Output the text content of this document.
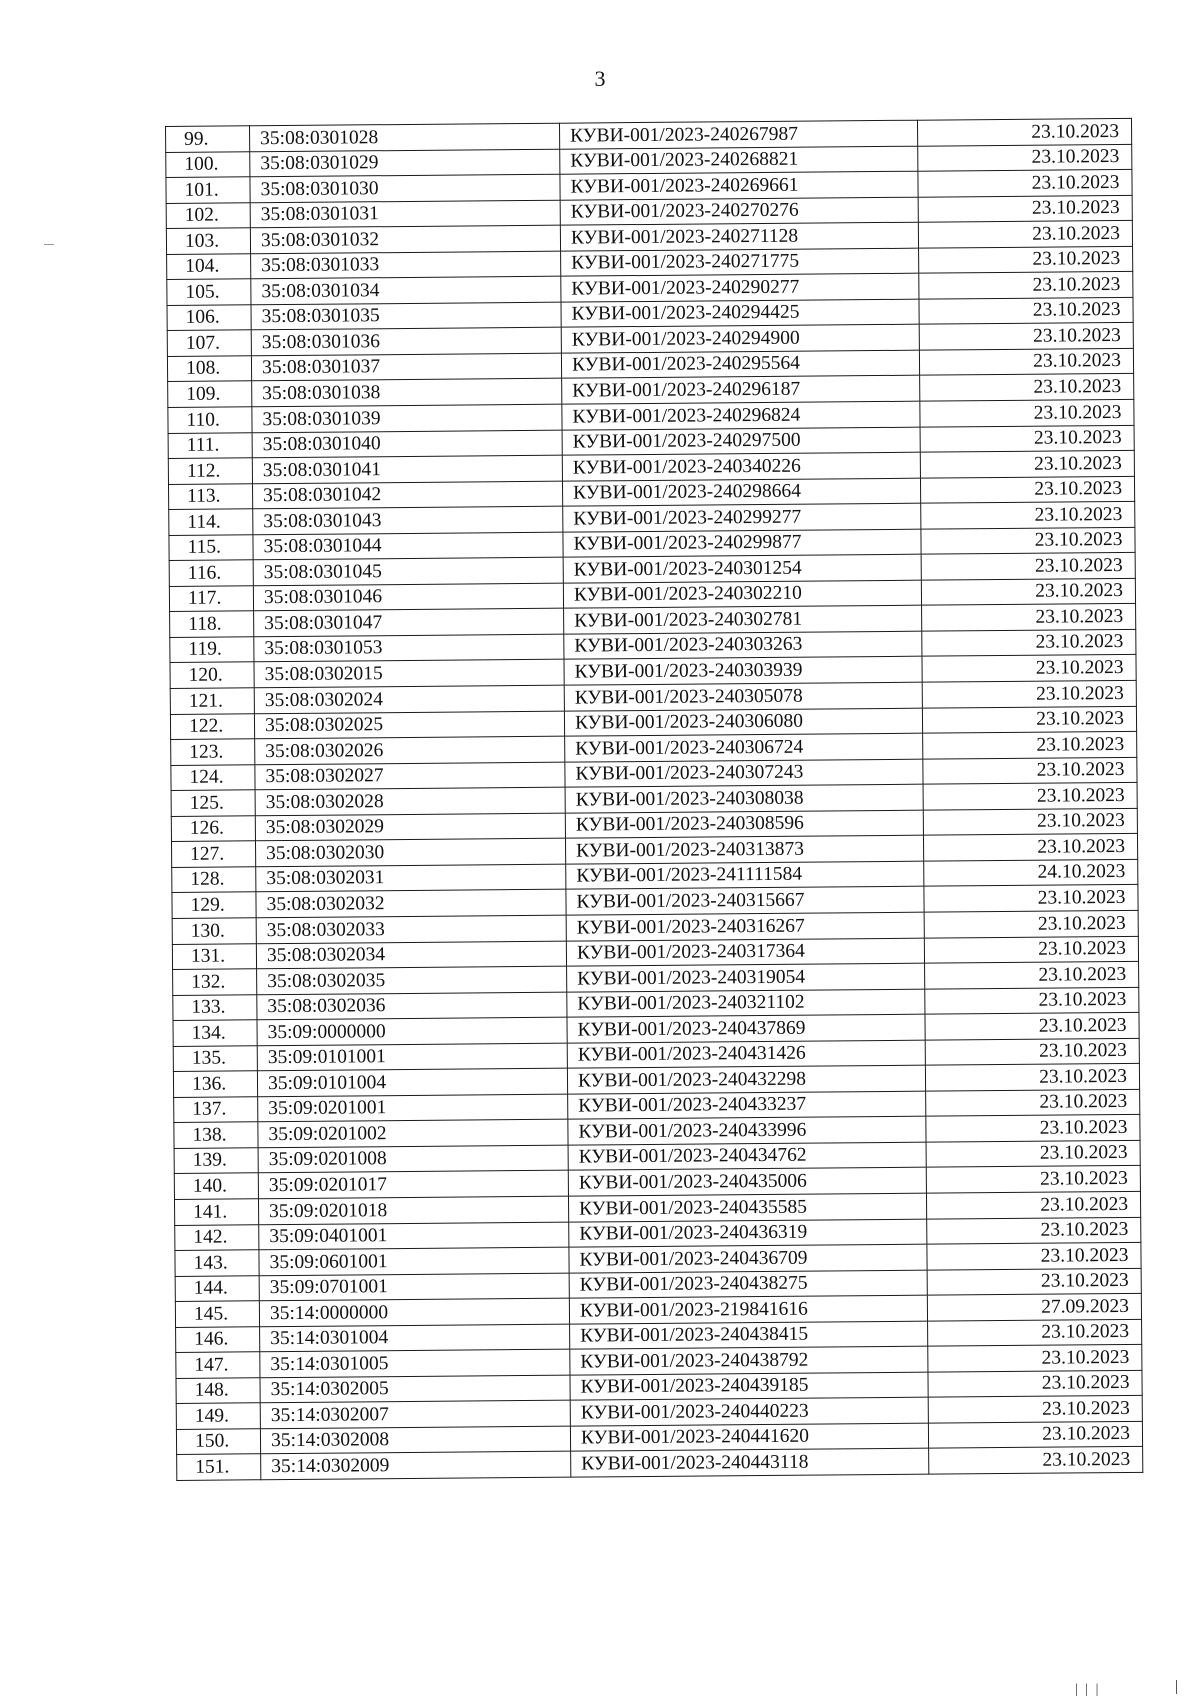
3
99.	35:08:0301028	КУВИ-001/2023-240267987	23.10.2023
100.	35:08:0301029	КУВИ-001/2023-240268821	23.10.2023
101.	35:08:0301030	КУВИ-001/2023-240269661	23.10.2023
102.	35:08:0301031	КУВИ-001/2023-240270276	23.10.2023
103.	35:08:0301032	КУВИ-001/2023-240271128	23.10.2023
104.	35:08:0301033	КУВИ-001/2023-240271775	23.10.2023
105.	35:08:0301034	КУВИ-001/2023-240290277	23.10.2023
106.	35:08:0301035	КУВИ-001/2023-240294425	23.10.2023
107.	35:08:0301036	КУВИ-001/2023-240294900	23.10.2023
108.	35:08:0301037	КУВИ-001/2023-240295564	23.10.2023
109.	35:08:0301038	КУВИ-001/2023-240296187	23.10.2023
110.	35:08:0301039	КУВИ-001/2023-240296824	23.10.2023
111.	35:08:0301040	КУВИ-001/2023-240297500	23.10.2023
112.	35:08:0301041	КУВИ-001/2023-240340226	23.10.2023
113.	35:08:0301042	КУВИ-001/2023-240298664	23.10.2023
114.	35:08:0301043	КУВИ-001/2023-240299277	23.10.2023
115.	35:08:0301044	КУВИ-001/2023-240299877	23.10.2023
116.	35:08:0301045	КУВИ-001/2023-240301254	23.10.2023
117.	35:08:0301046	КУВИ-001/2023-240302210	23.10.2023
118.	35:08:0301047	КУВИ-001/2023-240302781	23.10.2023
119.	35:08:0301053	КУВИ-001/2023-240303263	23.10.2023
120.	35:08:0302015	КУВИ-001/2023-240303939	23.10.2023
121.	35:08:0302024	КУВИ-001/2023-240305078	23.10.2023
122.	35:08:0302025	КУВИ-001/2023-240306080	23.10.2023
123.	35:08:0302026	КУВИ-001/2023-240306724	23.10.2023
124.	35:08:0302027	КУВИ-001/2023-240307243	23.10.2023
125.	35:08:0302028	КУВИ-001/2023-240308038	23.10.2023
126.	35:08:0302029	КУВИ-001/2023-240308596	23.10.2023
127.	35:08:0302030	КУВИ-001/2023-240313873	23.10.2023
128.	35:08:0302031	КУВИ-001/2023-241111584	24.10.2023
129.	35:08:0302032	КУВИ-001/2023-240315667	23.10.2023
130.	35:08:0302033	КУВИ-001/2023-240316267	23.10.2023
131.	35:08:0302034	КУВИ-001/2023-240317364	23.10.2023
132.	35:08:0302035	КУВИ-001/2023-240319054	23.10.2023
133.	35:08:0302036	КУВИ-001/2023-240321102	23.10.2023
134.	35:09:0000000	КУВИ-001/2023-240437869	23.10.2023
135.	35:09:0101001	КУВИ-001/2023-240431426	23.10.2023
136.	35:09:0101004	КУВИ-001/2023-240432298	23.10.2023
137.	35:09:0201001	КУВИ-001/2023-240433237	23.10.2023
138.	35:09:0201002	КУВИ-001/2023-240433996	23.10.2023
139.	35:09:0201008	КУВИ-001/2023-240434762	23.10.2023
140.	35:09:0201017	КУВИ-001/2023-240435006	23.10.2023
141.	35:09:0201018	КУВИ-001/2023-240435585	23.10.2023
142.	35:09:0401001	КУВИ-001/2023-240436319	23.10.2023
143.	35:09:0601001	КУВИ-001/2023-240436709	23.10.2023
144.	35:09:0701001	КУВИ-001/2023-240438275	23.10.2023
145.	35:14:0000000	КУВИ-001/2023-219841616	27.09.2023
146.	35:14:0301004	КУВИ-001/2023-240438415	23.10.2023
147.	35:14:0301005	КУВИ-001/2023-240438792	23.10.2023
148.	35:14:0302005	КУВИ-001/2023-240439185	23.10.2023
149.	35:14:0302007	КУВИ-001/2023-240440223	23.10.2023
150.	35:14:0302008	КУВИ-001/2023-240441620	23.10.2023
151.	35:14:0302009	КУВИ-001/2023-240443118	23.10.2023
| | |
